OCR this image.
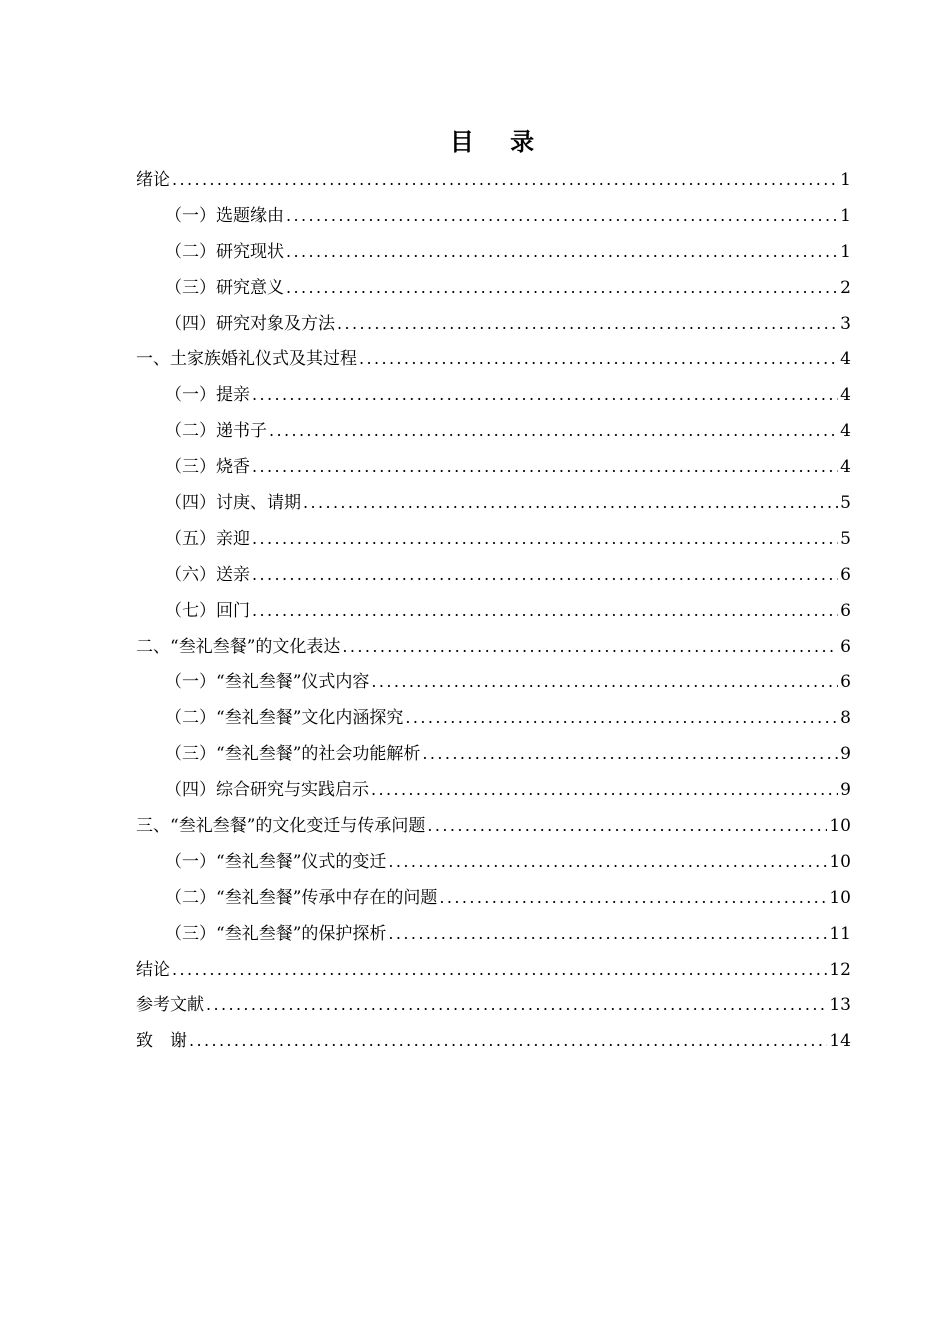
目 录
绪论 .....	1
（一）选题缘由 .....	1
（二）研究现状 .....	1
（三）研究意义 .....	2
（四）研究对象及方法 .....	3
一、土家族婚礼仪式及其过程 .....	4
（一）提亲 .....	4
（二）递书子 .....	4
（三）烧香 .....	4
（四）讨庚、请期 .....	5
（五）亲迎 .....	5
（六）送亲 .....	6
（七）回门 .....	6
二、“叁礼叁餐”的文化表达 .....	6
（一）“叁礼叁餐”仪式内容 .....	6
（二）“叁礼叁餐”文化内涵探究 .....	8
（三）“叁礼叁餐”的社会功能解析 .....	9
（四）综合研究与实践启示 .....	9
三、“叁礼叁餐”的文化变迁与传承问题 .....	10
（一）“叁礼叁餐”仪式的变迁 .....	10
（二）“叁礼叁餐”传承中存在的问题 .....	10
（三）“叁礼叁餐”的保护探析 .....	11
结论 .....	12
参考文献 .....	13
致　谢 .....	14
